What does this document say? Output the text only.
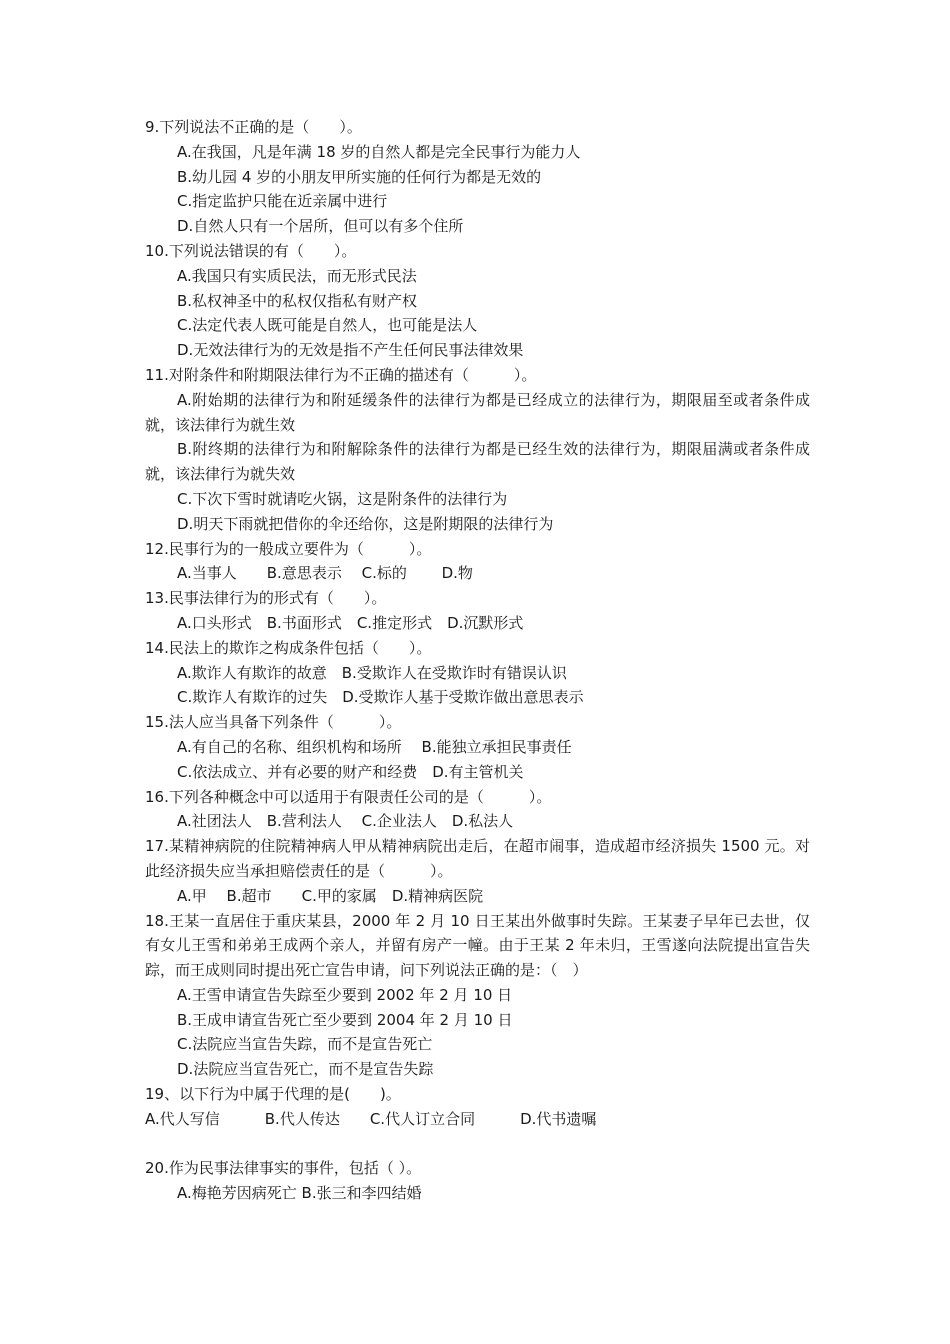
9.下列说法不正确的是（　　）。
A.在我国，凡是年满 18 岁的自然人都是完全民事行为能力人
B.幼儿园 4 岁的小朋友甲所实施的任何行为都是无效的
C.指定监护只能在近亲属中进行
D.自然人只有一个居所，但可以有多个住所
10.下列说法错误的有（　　）。
A.我国只有实质民法，而无形式民法
B.私权神圣中的私权仅指私有财产权
C.法定代表人既可能是自然人，也可能是法人
D.无效法律行为的无效是指不产生任何民事法律效果
11.对附条件和附期限法律行为不正确的描述有（　　　）。
A.附始期的法律行为和附延缓条件的法律行为都是已经成立的法律行为，期限届至或者条件成就，该法律行为就生效
B.附终期的法律行为和附解除条件的法律行为都是已经生效的法律行为，期限届满或者条件成就，该法律行为就失效
C.下次下雪时就请吃火锅，这是附条件的法律行为
D.明天下雨就把借你的伞还给你，这是附期限的法律行为
12.民事行为的一般成立要件为（　　　）。
A.当事人　　B.意思表示　 C.标的　　 D.物
13.民事法律行为的形式有（　　）。
A.口头形式　B.书面形式　C.推定形式　D.沉默形式
14.民法上的欺诈之构成条件包括（　　）。
A.欺诈人有欺诈的故意　B.受欺诈人在受欺诈时有错误认识
C.欺诈人有欺诈的过失　D.受欺诈人基于受欺诈做出意思表示
15.法人应当具备下列条件（　　　）。
A.有自己的名称、组织机构和场所　 B.能独立承担民事责任
C.依法成立、并有必要的财产和经费　D.有主管机关
16.下列各种概念中可以适用于有限责任公司的是（　　　）。
A.社团法人　B.营利法人　 C.企业法人　D.私法人
17.某精神病院的住院精神病人甲从精神病院出走后，在超市闹事，造成超市经济损失 1500 元。对此经济损失应当承担赔偿责任的是（　　　）。
A.甲　 B.超市　　C.甲的家属　D.精神病医院
18.王某一直居住于重庆某县，2000 年 2 月 10 日王某出外做事时失踪。王某妻子早年已去世，仅有女儿王雪和弟弟王成两个亲人，并留有房产一幢。由于王某 2 年未归，王雪遂向法院提出宣告失踪，而王成则同时提出死亡宣告申请，问下列说法正确的是：（　）
A.王雪申请宣告失踪至少要到 2002 年 2 月 10 日
B.王成申请宣告死亡至少要到 2004 年 2 月 10 日
C.法院应当宣告失踪，而不是宣告死亡
D.法院应当宣告死亡，而不是宣告失踪
19、以下行为中属于代理的是(　　)。
A.代人写信　　　B.代人传达　　C.代人订立合同　　　D.代书遗嘱
20.作为民事法律事实的事件，包括（ ）。
A.梅艳芳因病死亡 B.张三和李四结婚
